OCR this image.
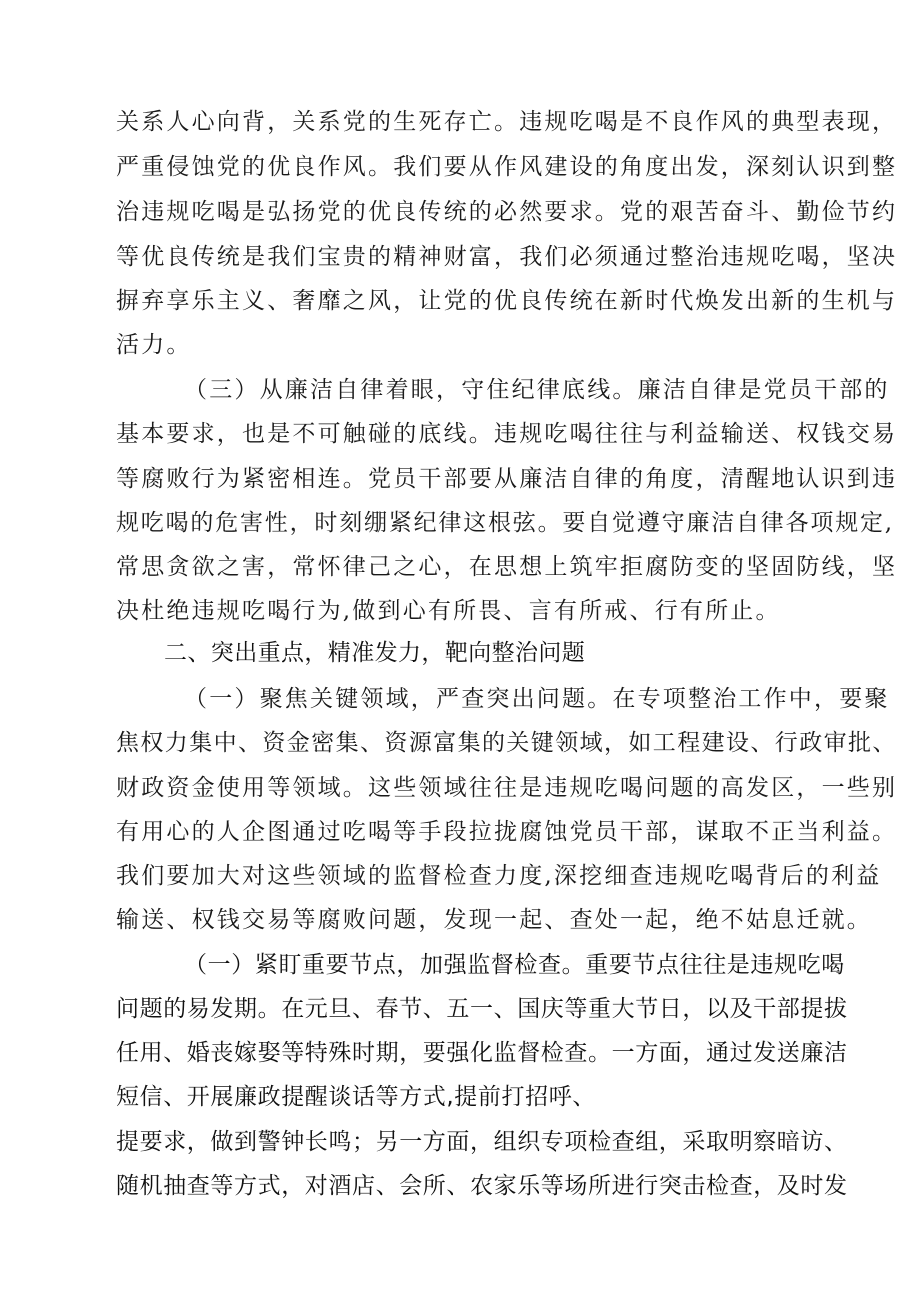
关系人心向背，关系党的生死存亡。违规吃喝是不良作风的典型表现，

严重侵蚀党的优良作风。我们要从作风建设的角度出发，深刻认识到整

治违规吃喝是弘扬党的优良传统的必然要求。党的艰苦奋斗、勤俭节约

等优良传统是我们宝贵的精神财富，我们必须通过整治违规吃喝，坚决

摒弃享乐主义、奢靡之风，让党的优良传统在新时代焕发出新的生机与

活力。

（三）从廉洁自律着眼，守住纪律底线。廉洁自律是党员干部的

基本要求，也是不可触碰的底线。违规吃喝往往与利益输送、权钱交易

等腐败行为紧密相连。党员干部要从廉洁自律的角度，清醒地认识到违

规吃喝的危害性，时刻绷紧纪律这根弦。要自觉遵守廉洁自律各项规定,

常思贪欲之害，常怀律己之心，在思想上筑牢拒腐防变的坚固防线，坚

决杜绝违规吃喝行为,做到心有所畏、言有所戒、行有所止。

二、突出重点，精准发力，靶向整治问题

（一）聚焦关键领域，严查突出问题。在专项整治工作中，要聚

焦权力集中、资金密集、资源富集的关键领域，如工程建设、行政审批、

财政资金使用等领域。这些领域往往是违规吃喝问题的高发区，一些别

有用心的人企图通过吃喝等手段拉拢腐蚀党员干部，谋取不正当利益。

我们要加大对这些领域的监督检查力度,深挖细查违规吃喝背后的利益

输送、权钱交易等腐败问题，发现一起、查处一起，绝不姑息迁就。

（一）紧盯重要节点，加强监督检查。重要节点往往是违规吃喝

问题的易发期。在元旦、春节、五一、国庆等重大节日，以及干部提拔

任用、婚丧嫁娶等特殊时期，要强化监督检查。一方面，通过发送廉洁

短信、开展廉政提醒谈话等方式,提前打招呼、

提要求，做到警钟长鸣；另一方面，组织专项检查组，采取明察暗访、

随机抽查等方式，对酒店、会所、农家乐等场所进行突击检查，及时发
